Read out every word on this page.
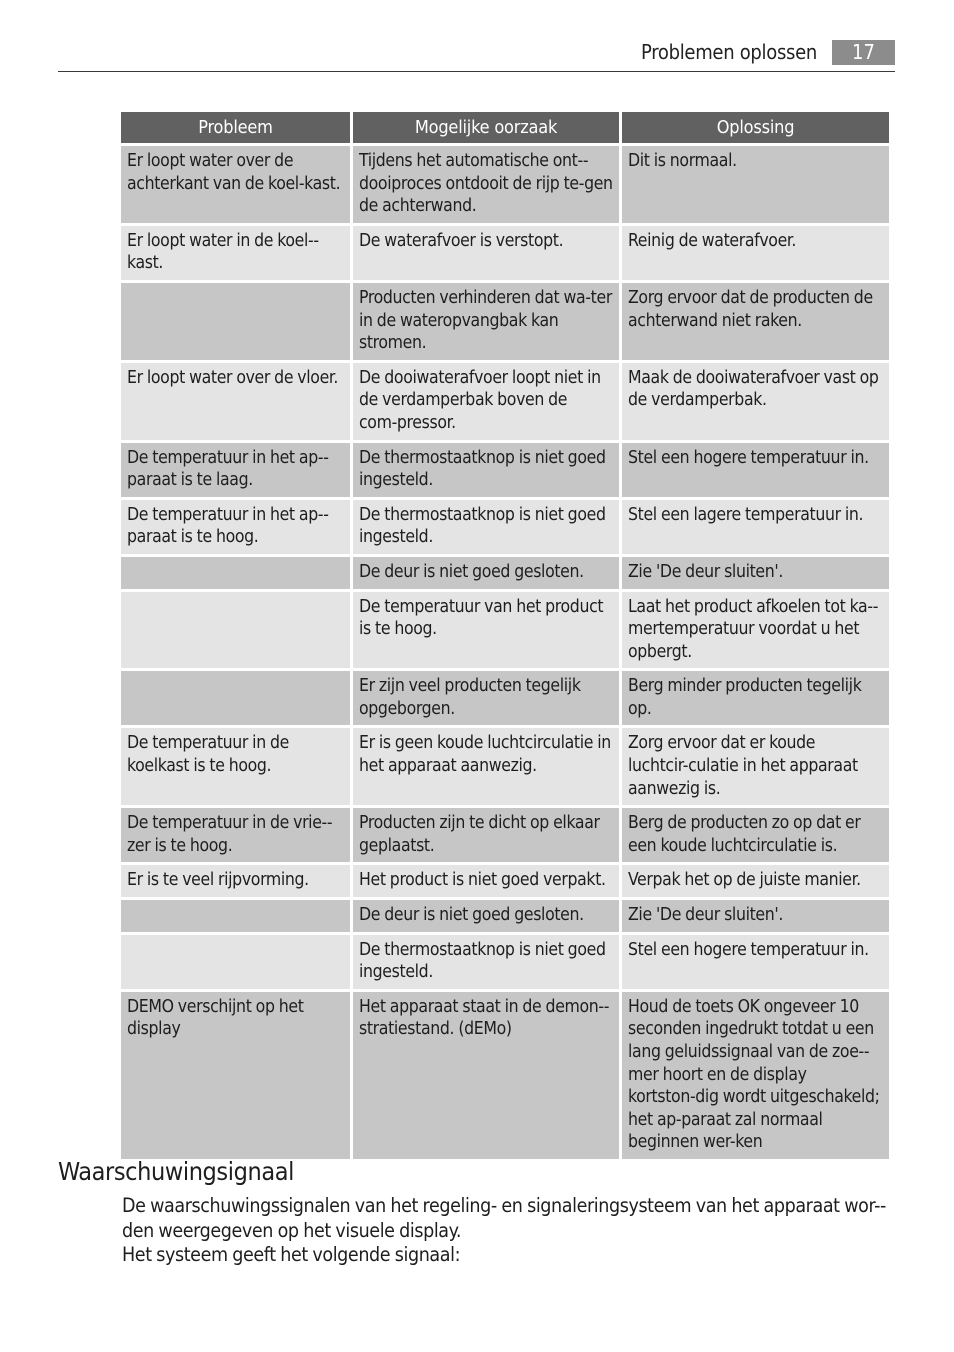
Problemen oplossen	17
Probleem	Mogelijke oorzaak	Oplossing
Er loopt water over de achterkant van de koel-kast.	Tijdens het automatische ont-dooiproces ontdooit de rijp te-gen de achterwand.	Dit is normaal.
Er loopt water in de koel-kast.	De waterafvoer is verstopt.	Reinig de waterafvoer.
	Producten verhinderen dat wa-ter in de wateropvangbak kan stromen.	Zorg ervoor dat de producten de achterwand niet raken.
Er loopt water over de vloer.	De dooiwaterafvoer loopt niet in de verdamperbak boven de com-pressor.	Maak de dooiwaterafvoer vast op de verdamperbak.
De temperatuur in het ap-paraat is te laag.	De thermostaatknop is niet goed ingesteld.	Stel een hogere temperatuur in.
De temperatuur in het ap-paraat is te hoog.	De thermostaatknop is niet goed ingesteld.	Stel een lagere temperatuur in.
	De deur is niet goed gesloten.	Zie 'De deur sluiten'.
	De temperatuur van het product is te hoog.	Laat het product afkoelen tot ka-mertemperatuur voordat u het opbergt.
	Er zijn veel producten tegelijk opgeborgen.	Berg minder producten tegelijk op.
De temperatuur in de koelkast is te hoog.	Er is geen koude luchtcirculatie in het apparaat aanwezig.	Zorg ervoor dat er koude luchtcir-culatie in het apparaat aanwezig is.
De temperatuur in de vrie-zer is te hoog.	Producten zijn te dicht op elkaar geplaatst.	Berg de producten zo op dat er een koude luchtcirculatie is.
Er is te veel rijpvorming.	Het product is niet goed verpakt.	Verpak het op de juiste manier.
	De deur is niet goed gesloten.	Zie 'De deur sluiten'.
	De thermostaatknop is niet goed ingesteld.	Stel een hogere temperatuur in.
DEMO verschijnt op het display	Het apparaat staat in de demon-stratiestand. (dEMo)	Houd de toets OK ongeveer 10 seconden ingedrukt totdat u een lang geluidssignaal van de zoe-mer hoort en de display kortston-dig wordt uitgeschakeld; het ap-paraat zal normaal beginnen wer-ken
Waarschuwingsignaal

De waarschuwingssignalen van het regeling- en signaleringsysteem van het apparaat wor-den weergegeven op het visuele display.

Het systeem geeft het volgende signaal:
